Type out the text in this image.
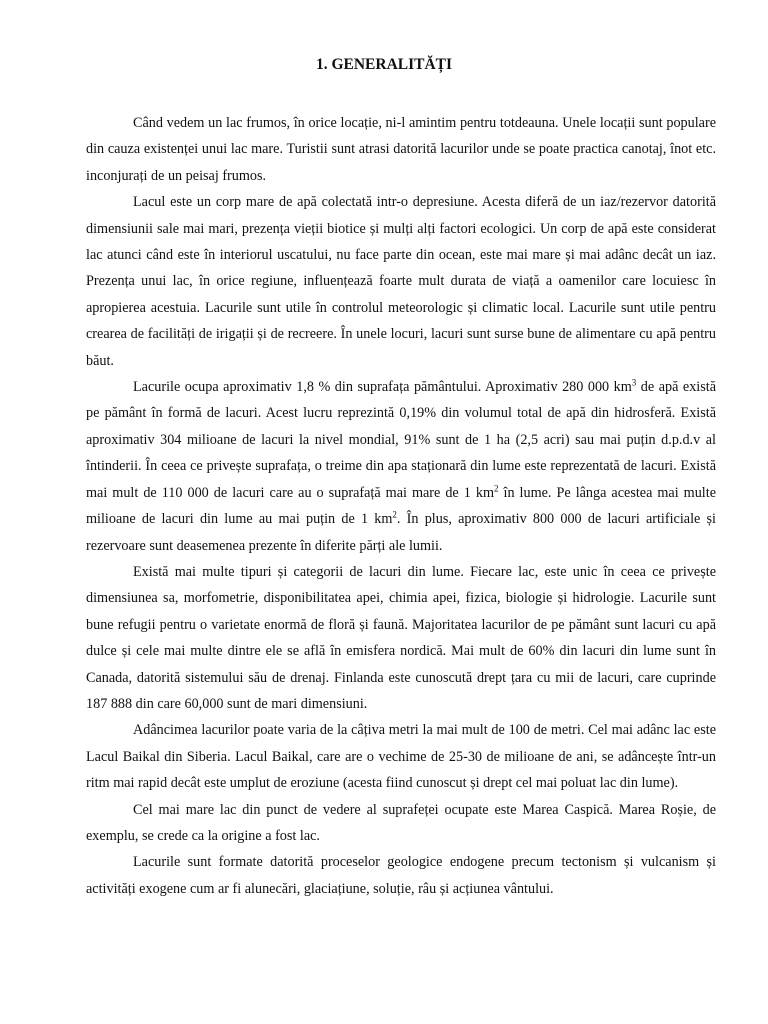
1. GENERALITĂȚI

Când vedem un lac frumos, în orice locație, ni-l amintim pentru totdeauna. Unele locații sunt populare din cauza existenței unui lac mare. Turistii sunt atrasi datorită lacurilor unde se poate practica canotaj, înot etc. inconjurați de un peisaj frumos.

Lacul este un corp mare de apă colectată intr-o depresiune. Acesta diferă de un iaz/rezervor datorită dimensiunii sale mai mari, prezența vieții biotice și mulți alți factori ecologici. Un corp de apă este considerat lac atunci când este în interiorul uscatului, nu face parte din ocean, este mai mare și mai adânc decât un iaz. Prezența unui lac, în orice regiune, influențează foarte mult durata de viață a oamenilor care locuiesc în apropierea acestuia. Lacurile sunt utile în controlul meteorologic și climatic local. Lacurile sunt utile pentru crearea de facilități de irigații și de recreere. În unele locuri, lacuri sunt surse bune de alimentare cu apă pentru băut.

Lacurile ocupa aproximativ 1,8 % din suprafața pământului. Aproximativ 280 000 $km^3$ de apă există pe pământ în formă de lacuri. Acest lucru reprezintă 0,19% din volumul total de apă din hidrosferă. Există aproximativ 304 milioane de lacuri la nivel mondial, 91% sunt de 1 ha (2,5 acri) sau mai puțin d.p.d.v al întinderii. În ceea ce privește suprafața, o treime din apa staționară din lume este reprezentată de lacuri. Există mai mult de 110 000 de lacuri care au o suprafață mai mare de 1 $km^2$ în lume. Pe lânga acestea mai multe milioane de lacuri din lume au mai puțin de 1 $km^2$. În plus, aproximativ 800 000 de lacuri artificiale și rezervoare sunt deasemenea prezente în diferite părți ale lumii.

Există mai multe tipuri și categorii de lacuri din lume. Fiecare lac, este unic în ceea ce privește dimensiunea sa, morfometrie, disponibilitatea apei, chimia apei, fizica, biologie și hidrologie. Lacurile sunt bune refugii pentru o varietate enormă de floră și faună. Majoritatea lacurilor de pe pământ sunt lacuri cu apă dulce și cele mai multe dintre ele se află în emisfera nordică. Mai mult de 60% din lacuri din lume sunt în Canada, datorită sistemului său de drenaj. Finlanda este cunoscută drept țara cu mii de lacuri, care cuprinde 187 888 din care 60,000 sunt de mari dimensiuni.

Adâncimea lacurilor poate varia de la câțiva metri la mai mult de 100 de metri. Cel mai adânc lac este Lacul Baikal din Siberia. Lacul Baikal, care are o vechime de 25-30 de milioane de ani, se adâncește într-un ritm mai rapid decât este umplut de eroziune (acesta fiind cunoscut și drept cel mai poluat lac din lume).

Cel mai mare lac din punct de vedere al suprafeței ocupate este Marea Caspică. Marea Roșie, de exemplu, se crede ca la origine a fost lac.

Lacurile sunt formate datorită proceselor geologice endogene precum tectonism și vulcanism și activități exogene cum ar fi alunecări, glaciațiune, soluție, râu și acțiunea vântului.
